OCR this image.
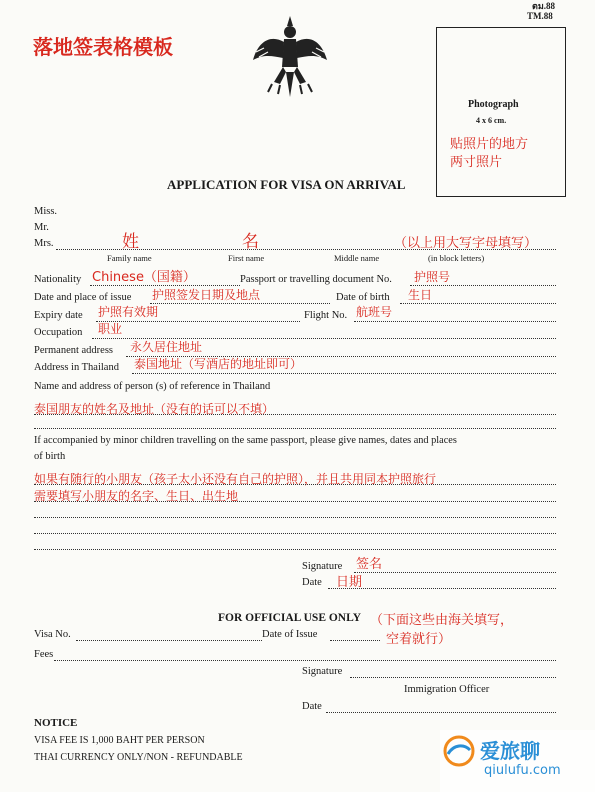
落地签表格模板
ตม.88
TM.88
Photograph
4 x 6 cm.
贴照片的地方
两寸照片
APPLICATION FOR VISA ON ARRIVAL
Miss.
Mr.
Mrs.	姓	名	（以上用大写字母填写）
Family name	First name	Middle name	(in block letters)
Nationality Chinese（国籍）	Passport or travelling document No. 护照号
Date and place of issue 护照签发日期及地点	Date of birth 生日
Expiry date 护照有效期	Flight No. 航班号
Occupation 职业
Permanent address 永久居住地址
Address in Thailand 泰国地址（写酒店的地址即可）
Name and address of person (s) of reference in Thailand
泰国朋友的姓名及地址（没有的话可以不填）
If accompanied by minor children travelling on the same passport, please give names, dates and places
of birth
如果有随行的小朋友（孩子太小还没有自己的护照），并且共用同本护照旅行
需要填写小朋友的名字、生日、出生地
Signature 签名
Date 日期
FOR OFFICIAL USE ONLY （下面这些由海关填写，
空着就行）
Visa No.	Date of Issue
Fees
Signature
Immigration Officer
Date
NOTICE
VISA FEE IS 1,000 BAHT PER PERSON
THAI CURRENCY ONLY/NON - REFUNDABLE	爱旅聊
qiulufu.com
